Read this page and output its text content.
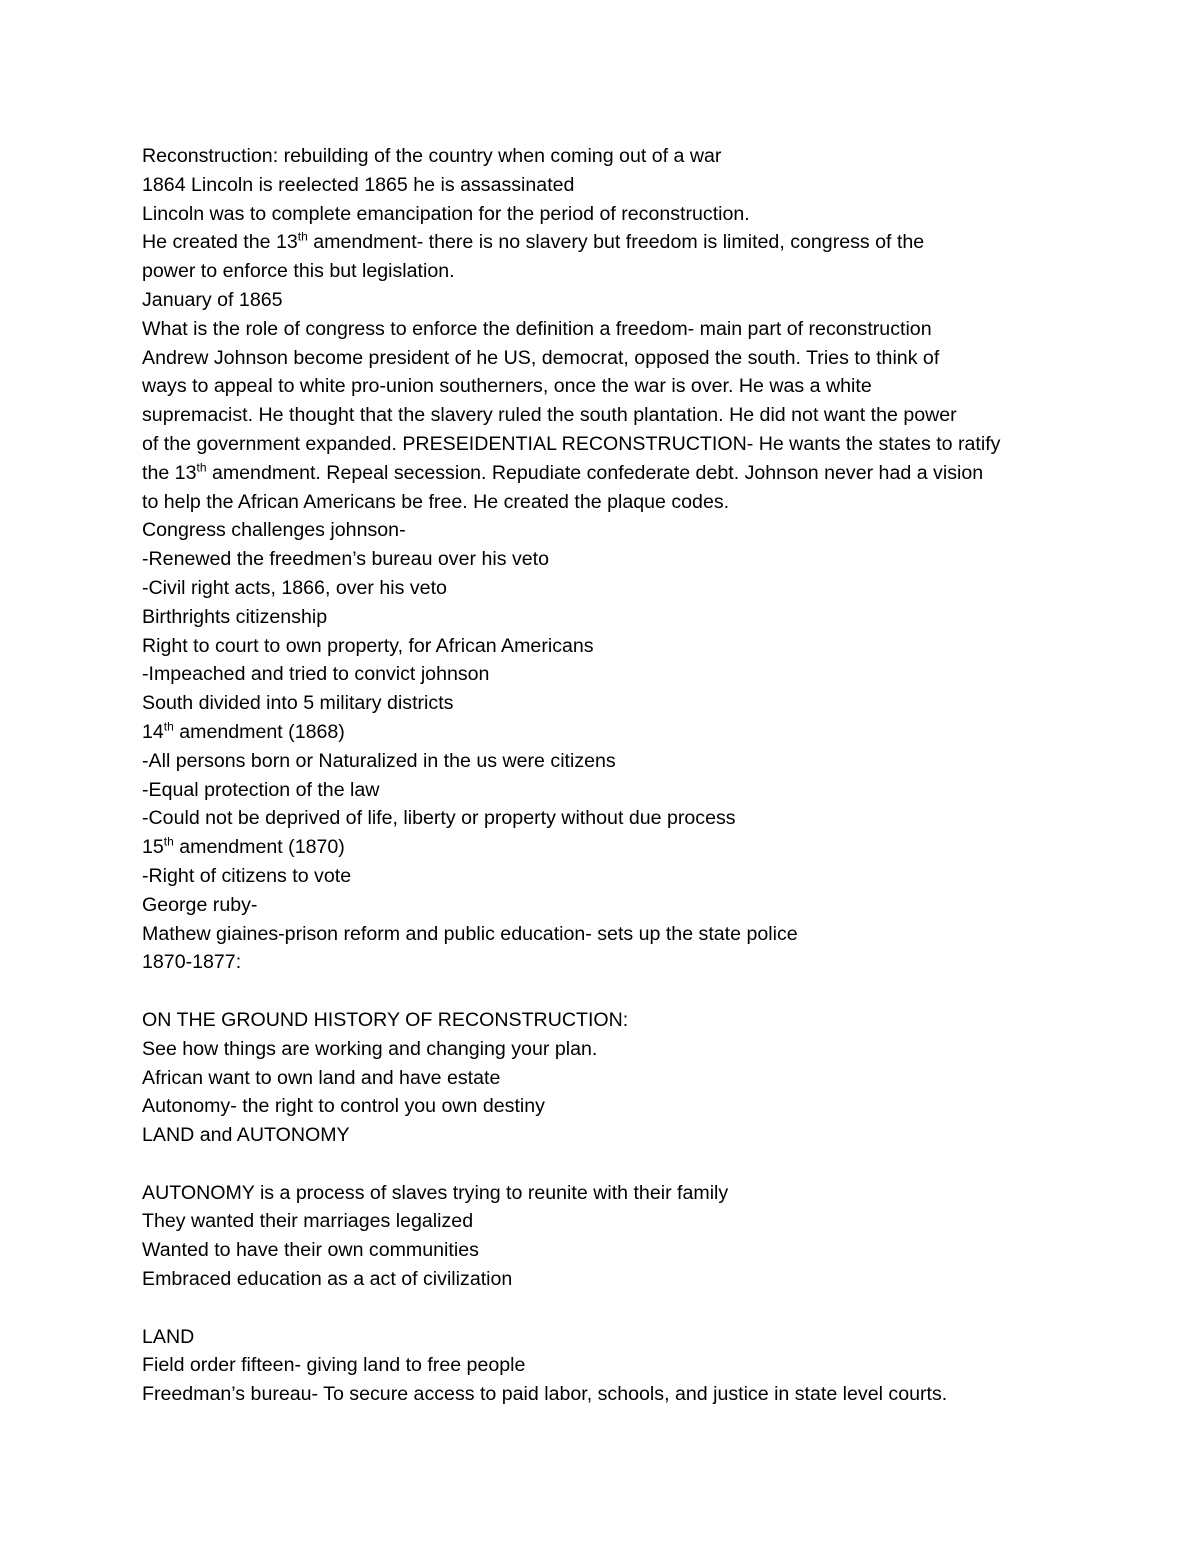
Reconstruction: rebuilding of the country when coming out of a war
1864 Lincoln is reelected 1865 he is assassinated
Lincoln was to complete emancipation for the period of reconstruction.
He created the 13th amendment- there is no slavery but freedom is limited, congress of the
power to enforce this but legislation.
January of 1865
What is the role of congress to enforce the definition a freedom- main part of reconstruction
Andrew Johnson become president of he US, democrat, opposed the south. Tries to think of
ways to appeal to white pro-union southerners, once the war is over. He was a white
supremacist. He thought that the slavery ruled the south plantation. He did not want the power
of the government expanded. PRESEIDENTIAL RECONSTRUCTION- He wants the states to ratify
the 13th amendment. Repeal secession. Repudiate confederate debt. Johnson never had a vision
to help the African Americans be free. He created the plaque codes.
Congress challenges johnson-
-Renewed the freedmen’s bureau over his veto
-Civil right acts, 1866, over his veto
Birthrights citizenship
Right to court to own property, for African Americans
-Impeached and tried to convict johnson
South divided into 5 military districts
14th amendment (1868)
-All persons born or Naturalized in the us were citizens
-Equal protection of the law
-Could not be deprived of life, liberty or property without due process
15th amendment (1870)
-Right of citizens to vote
George ruby-
Mathew giaines-prison reform and public education- sets up the state police
1870-1877:
ON THE GROUND HISTORY OF RECONSTRUCTION:
See how things are working and changing your plan.
African want to own land and have estate
Autonomy- the right to control you own destiny
LAND and AUTONOMY
AUTONOMY is a process of slaves trying to reunite with their family
They wanted their marriages legalized
Wanted to have their own communities
Embraced education as a act of civilization
LAND
Field order fifteen- giving land to free people
Freedman’s bureau- To secure access to paid labor, schools, and justice in state level courts.
